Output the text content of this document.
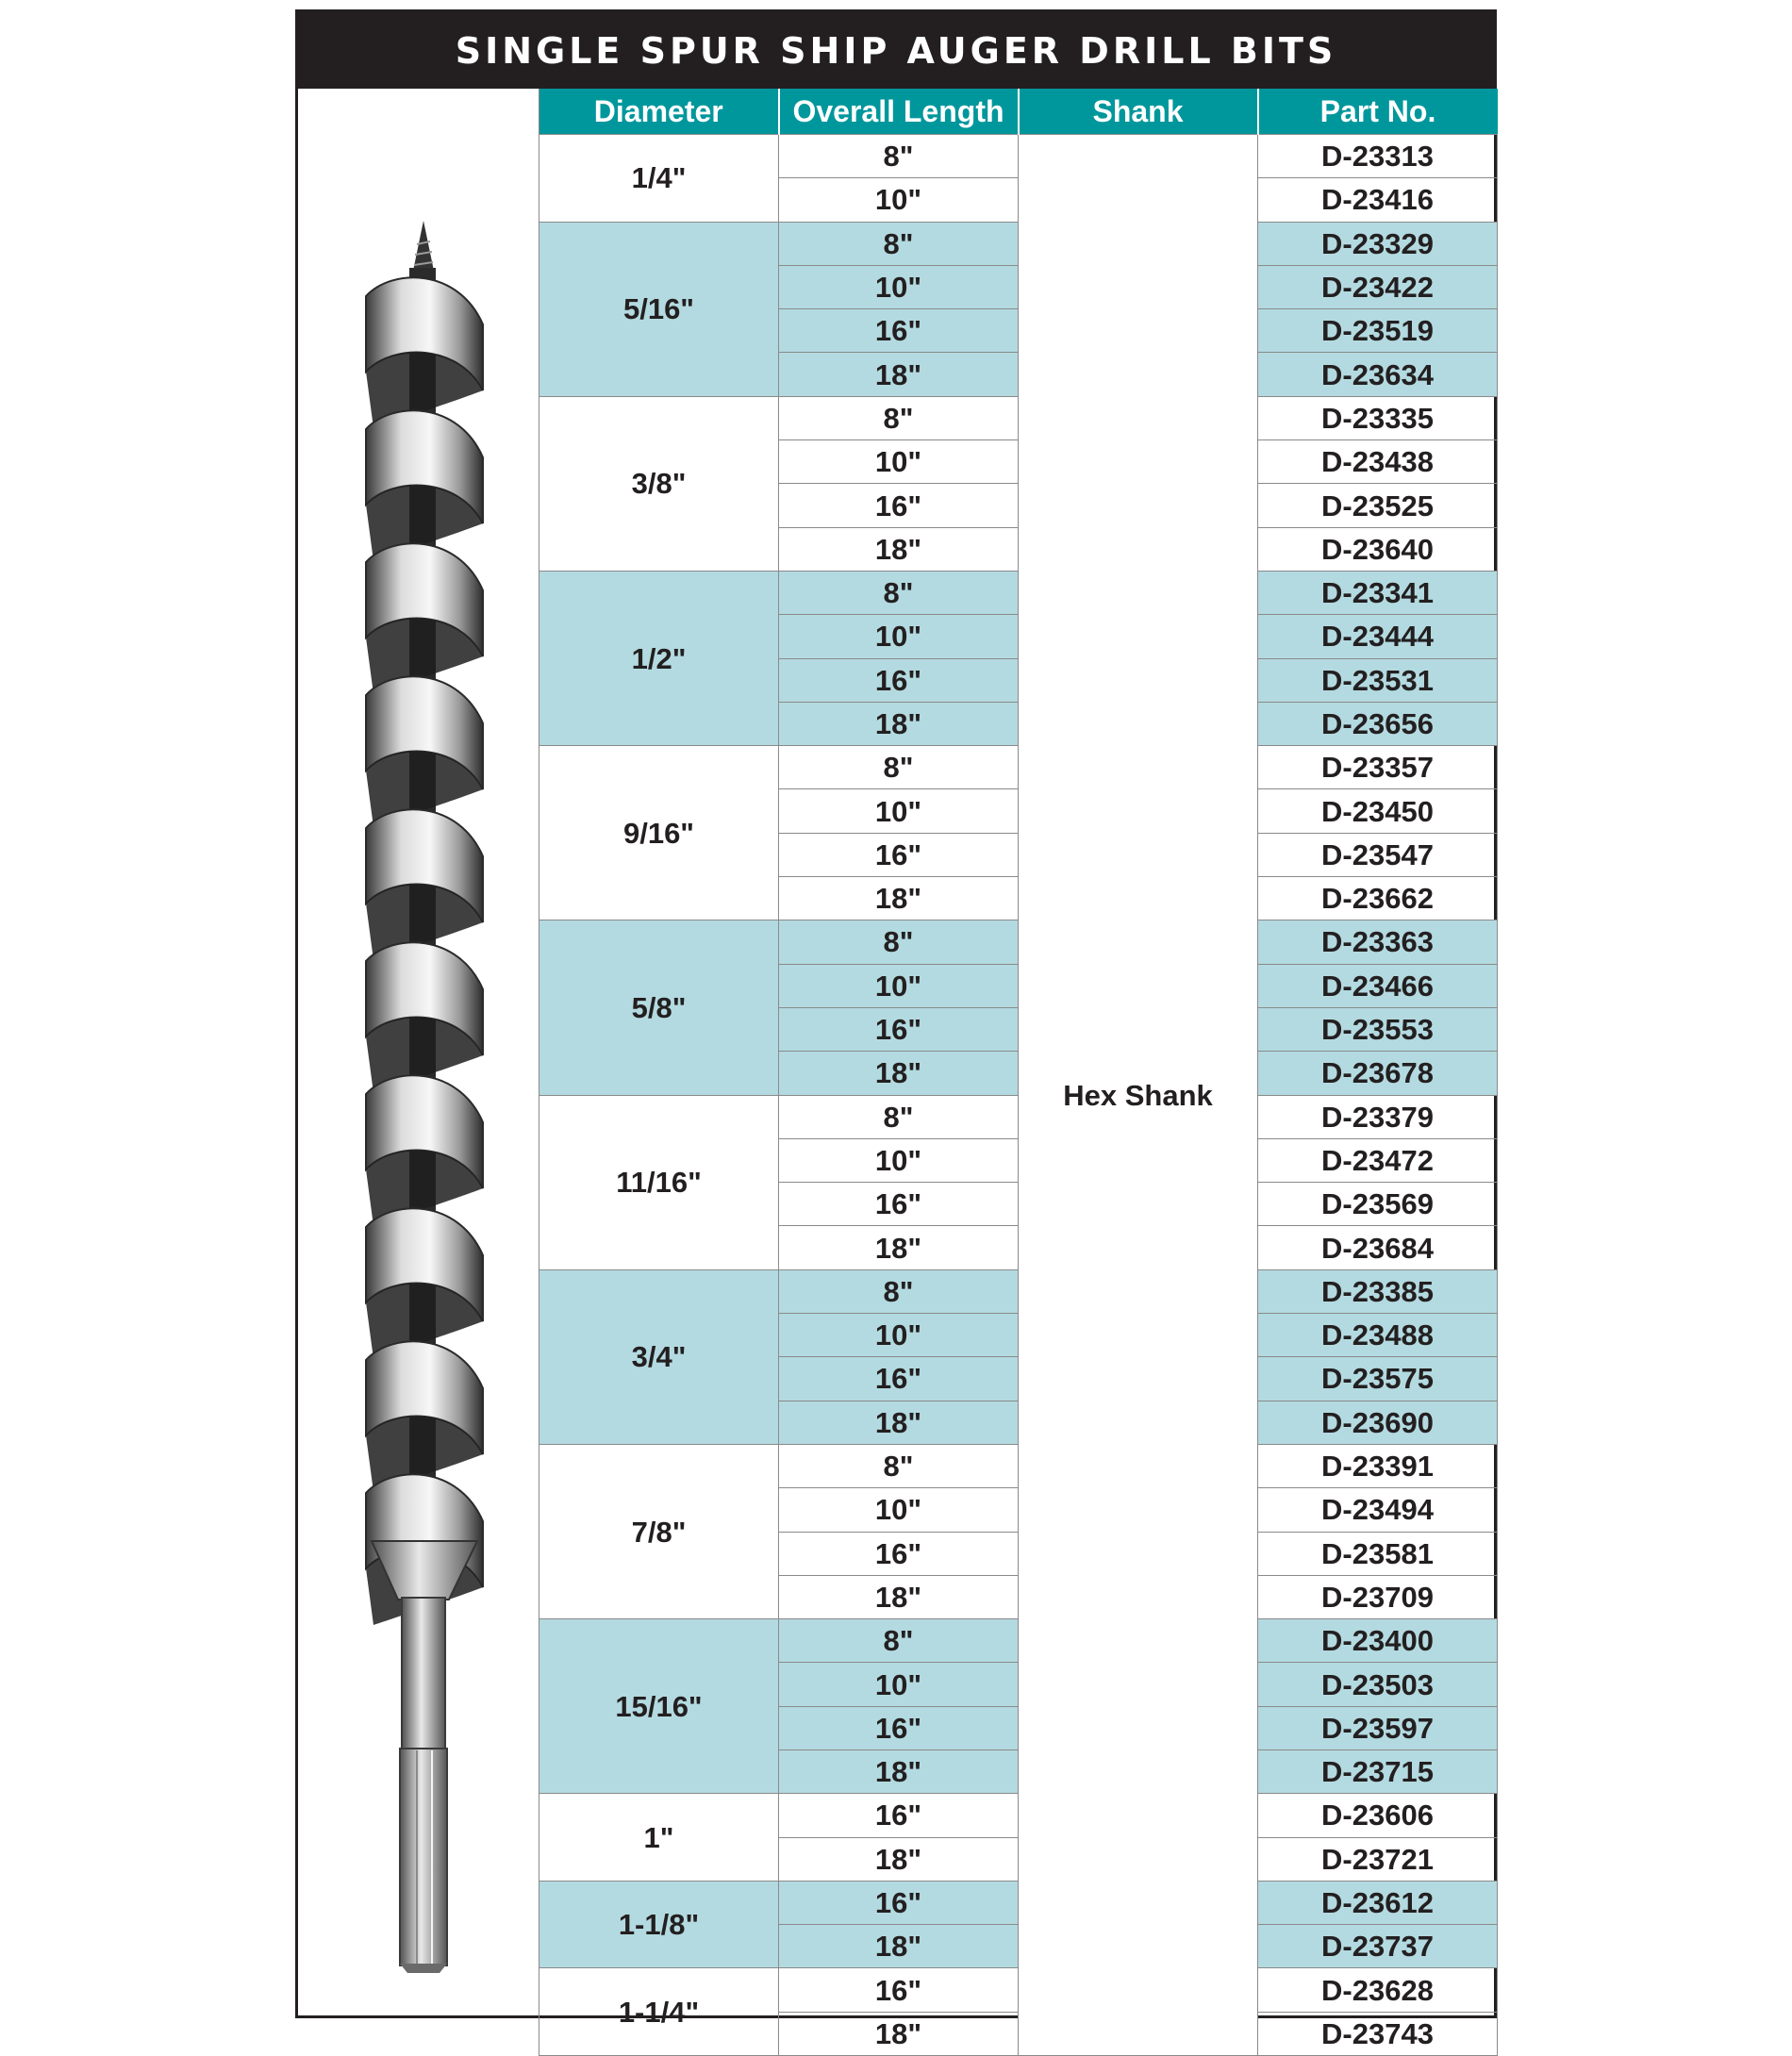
SINGLE SPUR SHIP AUGER DRILL BITS
Diameter	Overall Length	Shank	Part No.
1/4"	8"	Hex Shank	D-23313
	10"		D-23416
5/16"	8"		D-23329
	10"		D-23422
	16"		D-23519
	18"		D-23634
3/8"	8"		D-23335
	10"		D-23438
	16"		D-23525
	18"		D-23640
1/2"	8"		D-23341
	10"		D-23444
	16"		D-23531
	18"		D-23656
9/16"	8"		D-23357
	10"		D-23450
	16"		D-23547
	18"		D-23662
5/8"	8"		D-23363
	10"		D-23466
	16"		D-23553
	18"		D-23678
11/16"	8"		D-23379
	10"		D-23472
	16"		D-23569
	18"		D-23684
3/4"	8"		D-23385
	10"		D-23488
	16"		D-23575
	18"		D-23690
7/8"	8"		D-23391
	10"		D-23494
	16"		D-23581
	18"		D-23709
15/16"	8"		D-23400
	10"		D-23503
	16"		D-23597
	18"		D-23715
1"	16"		D-23606
	18"		D-23721
1-1/8"	16"		D-23612
	18"		D-23737
1-1/4"	16"		D-23628
	18"		D-23743
